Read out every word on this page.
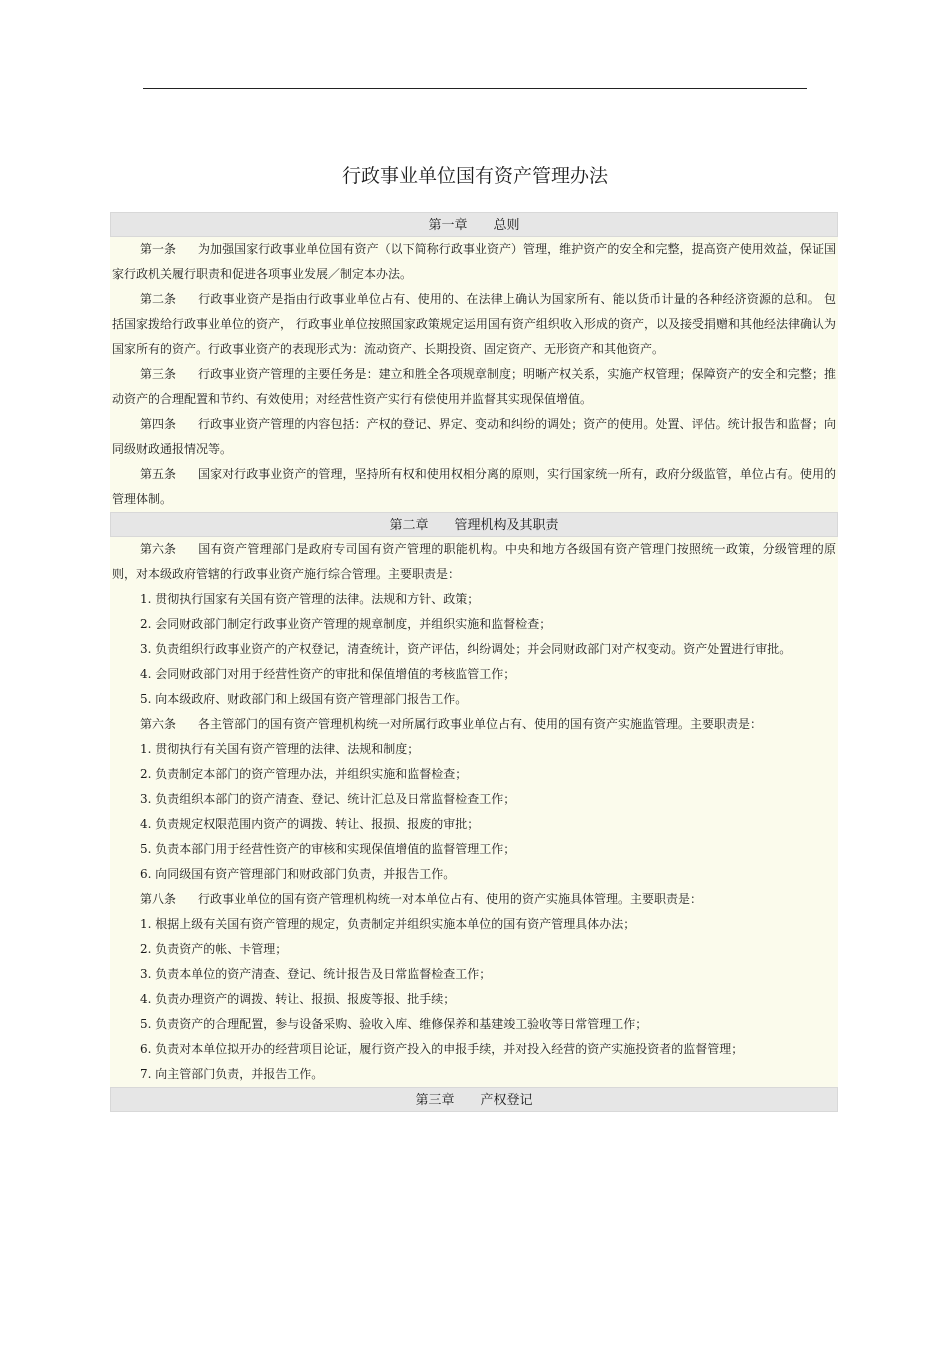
行政事业单位国有资产管理办法
第一章 总则

第一条 为加强国家行政事业单位国有资产（以下简称行政事业资产）管理，维护资产的安全和完整，提高资产使用效益，保证国家行政机关履行职责和促进各项事业发展／制定本办法。

第二条 行政事业资产是指由行政事业单位占有、使用的、在法律上确认为国家所有、能以货币计量的各种经济资源的总和。 包括国家拨给行政事业单位的资产， 行政事业单位按照国家政策规定运用国有资产组织收入形成的资产，以及接受捐赠和其他经法律确认为国家所有的资产。行政事业资产的表现形式为：流动资产、长期投资、固定资产、无形资产和其他资产。

第三条 行政事业资产管理的主要任务是：建立和胜全各项规章制度；明晰产权关系，实施产权管理；保障资产的安全和完整；推动资产的合理配置和节约、有效使用；对经营性资产实行有偿使用并监督其实现保值增值。

第四条 行政事业资产管理的内容包括：产权的登记、界定、变动和纠纷的调处；资产的使用。处置、评估。统计报告和监督；向同级财政通报情况等。

第五条 国家对行政事业资产的管理，坚持所有权和使用权相分离的原则，实行国家统一所有，政府分级监管，单位占有。使用的管理体制。

第二章 管理机构及其职责

第六条 国有资产管理部门是政府专司国有资产管理的职能机构。中央和地方各级国有资产管理门按照统一政策，分级管理的原则，对本级政府管辖的行政事业资产施行综合管理。主要职责是：

1. 贯彻执行国家有关国有资产管理的法律。法规和方针、政策；

2. 会同财政部门制定行政事业资产管理的规章制度，并组织实施和监督检查；

3. 负责组织行政事业资产的产权登记，清查统计，资产评估，纠纷调处；并会同财政部门对产权变动。资产处置进行审批。

4. 会同财政部门对用于经营性资产的审批和保值增值的考核监管工作；

5. 向本级政府、财政部门和上级国有资产管理部门报告工作。

第六条 各主管部门的国有资产管理机构统一对所属行政事业单位占有、使用的国有资产实施监管理。主要职责是：

1. 贯彻执行有关国有资产管理的法律、法规和制度；

2. 负责制定本部门的资产管理办法，并组织实施和监督检查；

3. 负责组织本部门的资产清查、登记、统计汇总及日常监督检查工作；

4. 负责规定权限范围内资产的调拨、转让、报损、报废的审批；

5. 负责本部门用于经营性资产的审核和实现保值增值的监督管理工作；

6. 向同级国有资产管理部门和财政部门负责，并报告工作。

第八条 行政事业单位的国有资产管理机构统一对本单位占有、使用的资产实施具体管理。主要职责是：

1. 根据上级有关国有资产管理的规定，负责制定并组织实施本单位的国有资产管理具体办法；

2. 负责资产的帐、卡管理；

3. 负责本单位的资产清查、登记、统计报告及日常监督检查工作；

4. 负责办理资产的调拨、转让、报损、报废等报、批手续；

5. 负责资产的合理配置，参与设备采购、验收入库、维修保养和基建竣工验收等日常管理工作；

6. 负责对本单位拟开办的经营项目论证，履行资产投入的申报手续，并对投入经营的资产实施投资者的监督管理；

7. 向主管部门负责，并报告工作。

第三章 产权登记
